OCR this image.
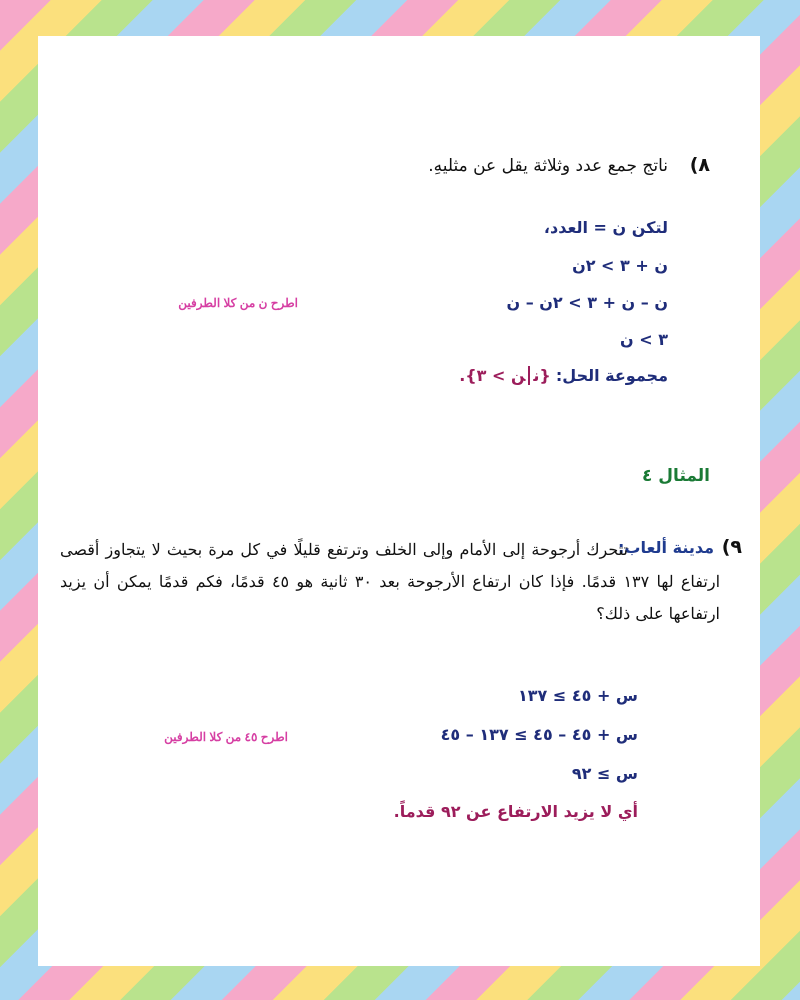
٨)
ناتج جمع عدد وثلاثة يقل عن مثليهِ.
لتكن ن = العدد،
ن + ٣ > ٢ن
ن – ن + ٣ > ٢ن – ن
اطرح ن من كلا الطرفين
٣ > ن
مجموعة الحل: {نن > ٣}.
المثال ٤
٩)
مدينة ألعاب:
تتحرك أرجوحة إلى الأمام وإلى الخلف وترتفع قليلًا في كل مرة بحيث لا يتجاوز أقصى ارتفاع لها ١٣٧ قدمًا. فإذا كان ارتفاع الأرجوحة بعد ٣٠ ثانية هو ٤٥ قدمًا، فكم قدمًا يمكن أن يزيد ارتفاعها على ذلك؟
س + ٤٥ ≥ ١٣٧
س + ٤٥ – ٤٥ ≥ ١٣٧ – ٤٥
اطرح ٤٥ من كلا الطرفين
س ≥ ٩٢
أي لا يزيد الارتفاع عن ٩٢ قدماً.
